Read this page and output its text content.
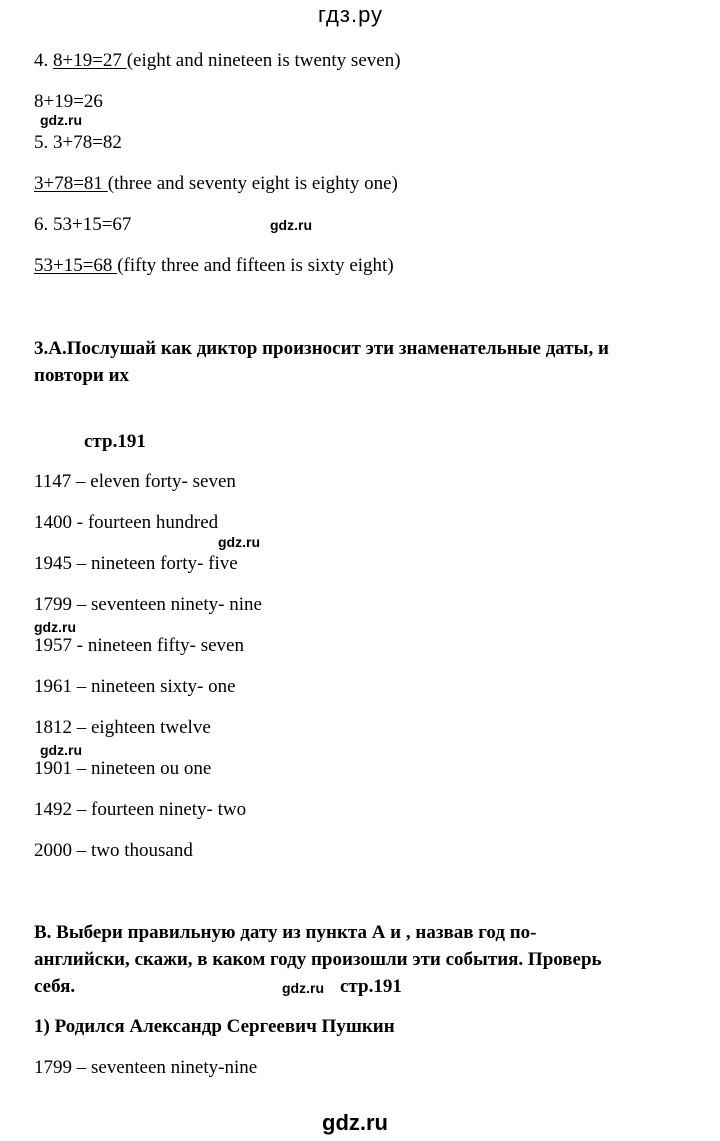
гдз.ру
4. 8+19=27 (eight and nineteen is twenty seven)
8+19=26
gdz.ru
5. 3+78=82
3+78=81 (three and seventy eight is eighty one)
6. 53+15=67	gdz.ru
53+15=68 (fifty three and fifteen is sixty eight)
3.A.Послушай как диктор произносит эти знаменательные даты, и
повтори их
стр.191
1147 – eleven forty- seven
1400 - fourteen hundred
gdz.ru
1945 – nineteen forty- five
1799 – seventeen ninety- nine
gdz.ru
1957 - nineteen fifty- seven
1961 – nineteen sixty- one
1812 – eighteen twelve
gdz.ru
1901 – nineteen ou one
1492 – fourteen ninety- two
2000 – two thousand
B. Выбери правильную дату из пункта А и , назвав год по-
английски, скажи, в каком году произошли эти события. Проверь
себя.	gdz.ru стр.191
1) Родился Александр Сергеевич Пушкин
1799 – seventeen ninety-nine
gdz.ru
